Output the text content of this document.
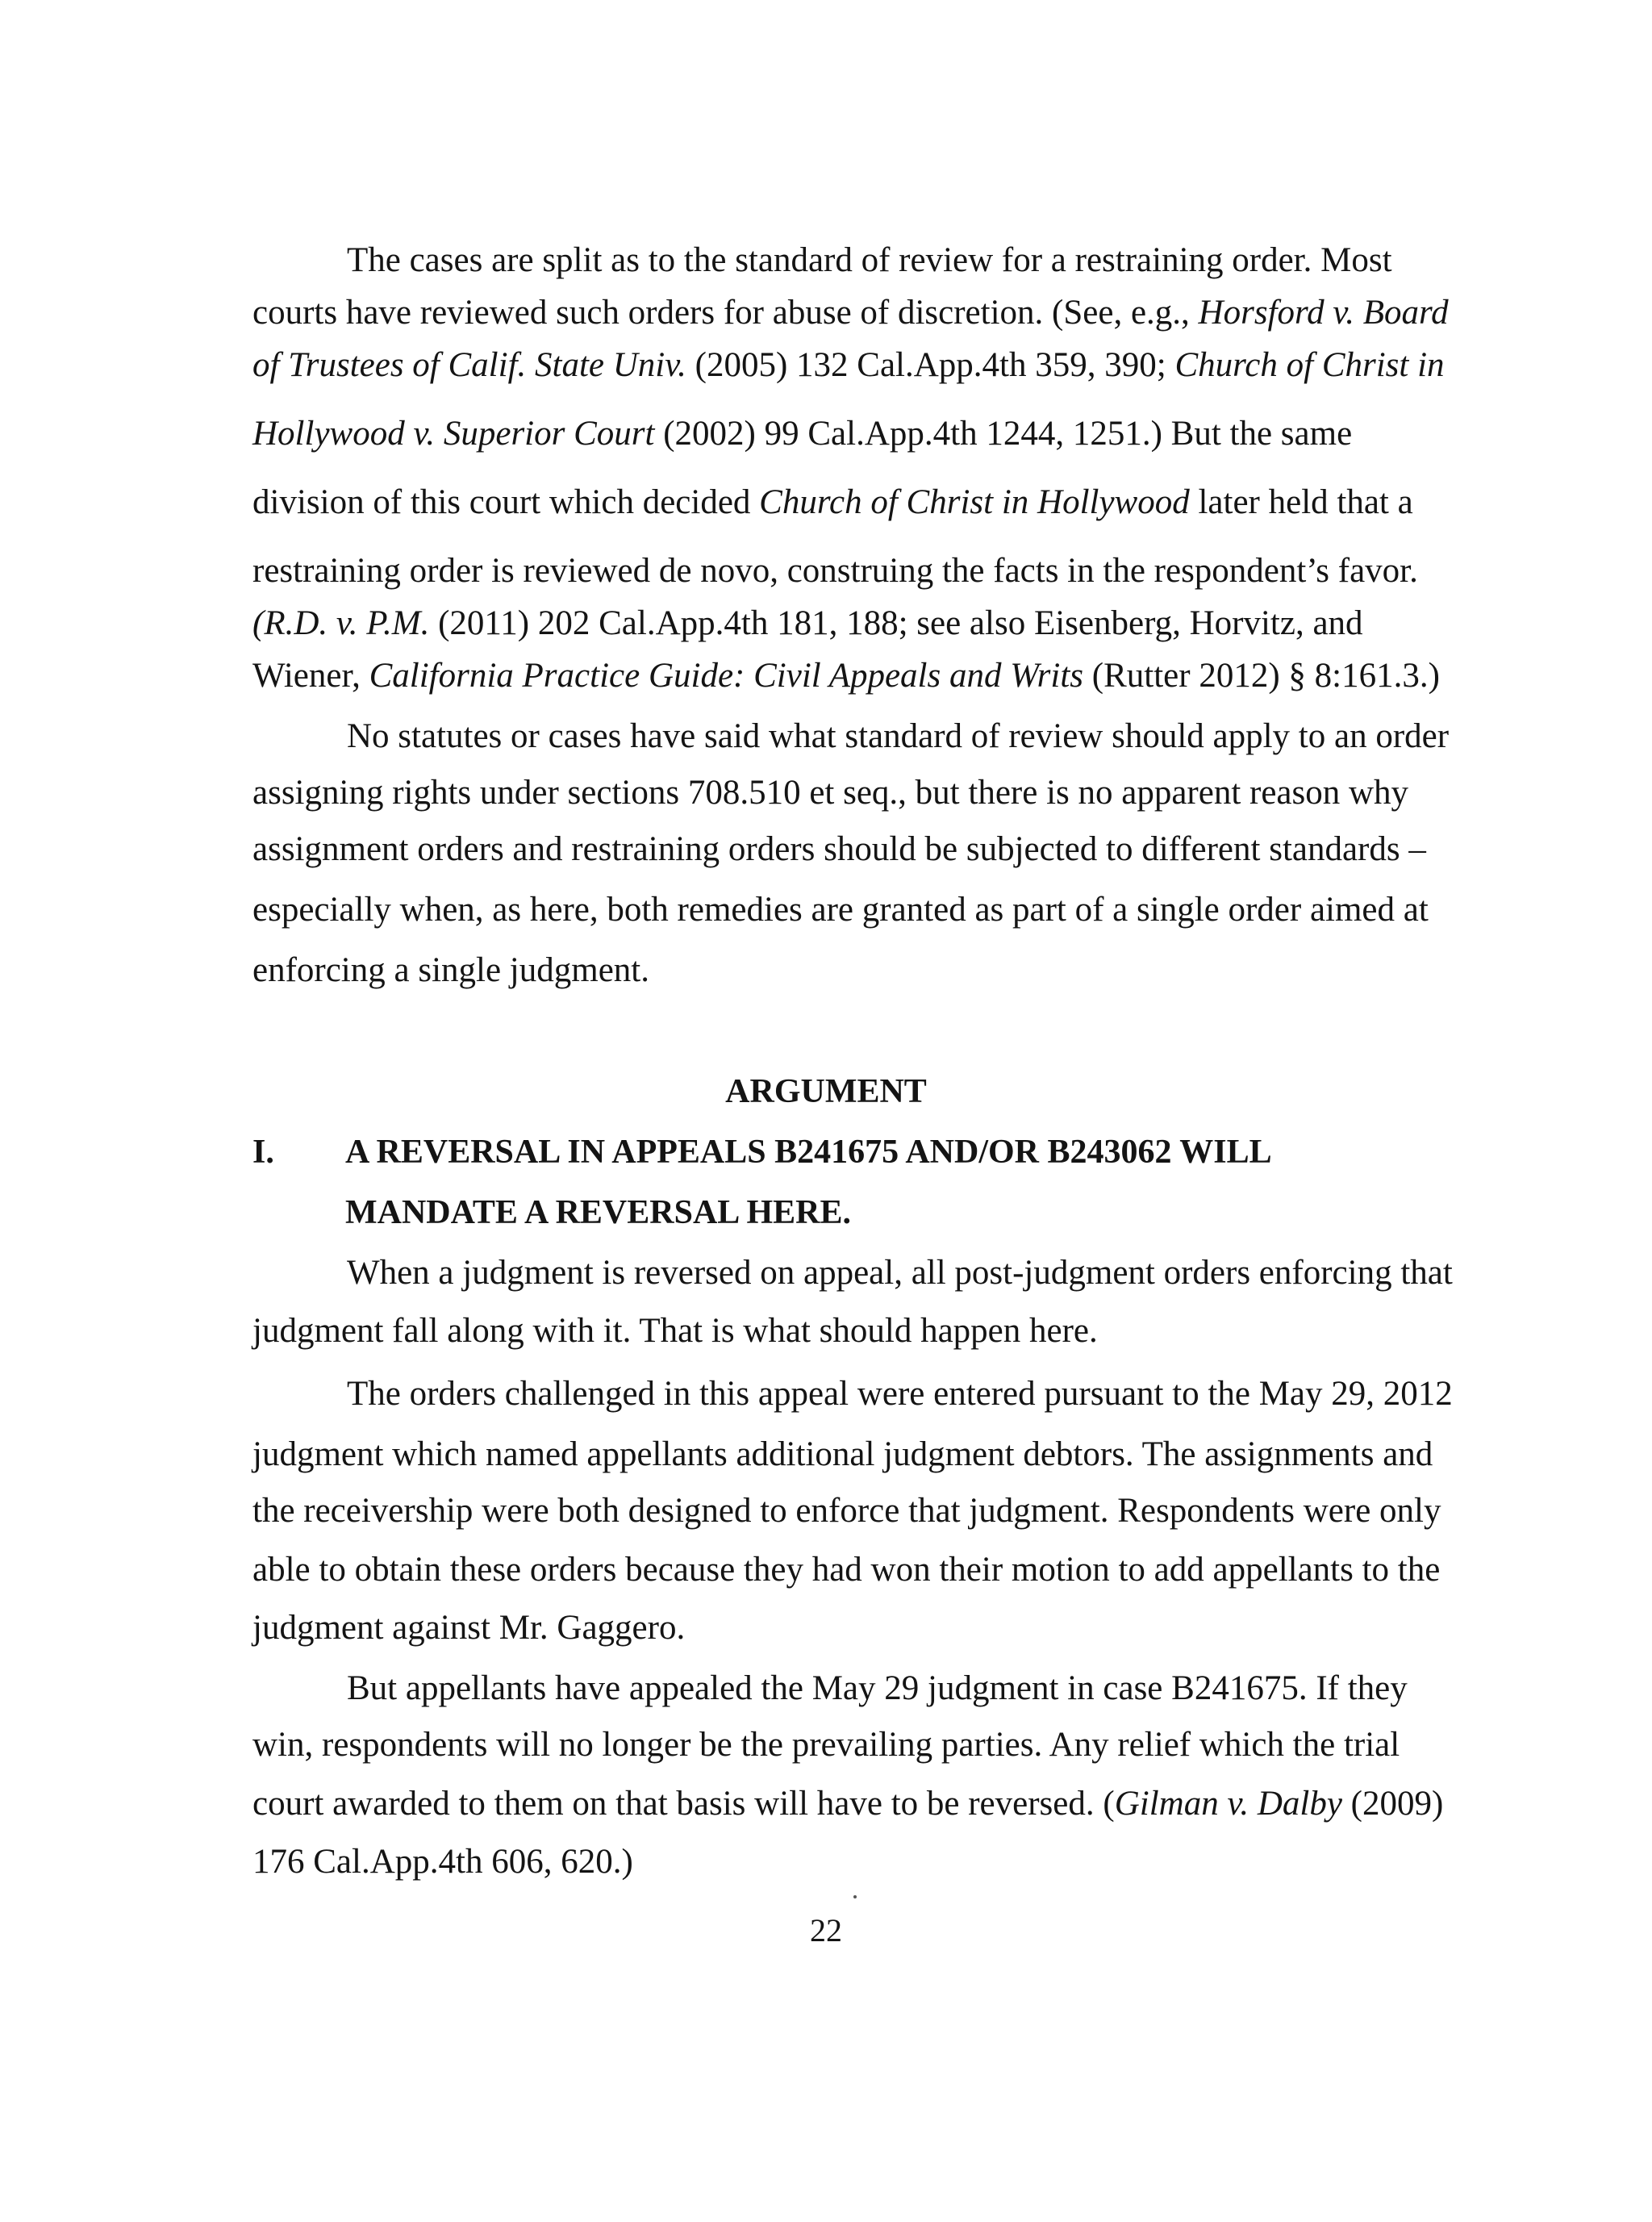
The cases are split as to the standard of review for a restraining order. Most
courts have reviewed such orders for abuse of discretion. (See, e.g., Horsford v. Board
of Trustees of Calif. State Univ. (2005) 132 Cal.App.4th 359, 390; Church of Christ in
Hollywood v. Superior Court (2002) 99 Cal.App.4th 1244, 1251.) But the same
division of this court which decided Church of Christ in Hollywood later held that a
restraining order is reviewed de novo, construing the facts in the respondent’s favor.
(R.D. v. P.M. (2011) 202 Cal.App.4th 181, 188; see also Eisenberg, Horvitz, and
Wiener, California Practice Guide: Civil Appeals and Writs (Rutter 2012) § 8:161.3.)
No statutes or cases have said what standard of review should apply to an order
assigning rights under sections 708.510 et seq., but there is no apparent reason why
assignment orders and restraining orders should be subjected to different standards –
especially when, as here, both remedies are granted as part of a single order aimed at
enforcing a single judgment.
ARGUMENT
I. A REVERSAL IN APPEALS B241675 AND/OR B243062 WILL
MANDATE A REVERSAL HERE.
When a judgment is reversed on appeal, all post-judgment orders enforcing that
judgment fall along with it. That is what should happen here.
The orders challenged in this appeal were entered pursuant to the May 29, 2012
judgment which named appellants additional judgment debtors. The assignments and
the receivership were both designed to enforce that judgment. Respondents were only
able to obtain these orders because they had won their motion to add appellants to the
judgment against Mr. Gaggero.
But appellants have appealed the May 29 judgment in case B241675. If they
win, respondents will no longer be the prevailing parties. Any relief which the trial
court awarded to them on that basis will have to be reversed. (Gilman v. Dalby (2009)
176 Cal.App.4th 606, 620.)
22
